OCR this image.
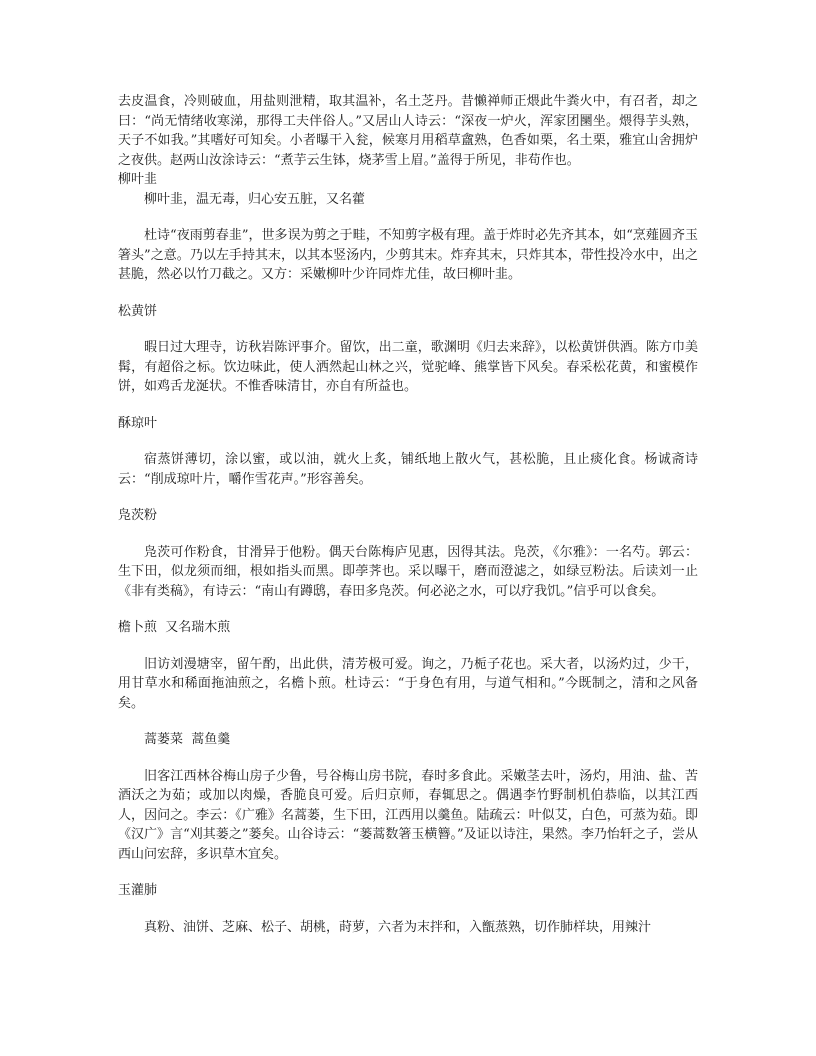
去皮温食，冷则破血，用盐则泄精，取其温补，名土芝丹。昔懒禅师正煨此牛粪火中，有召者，却之曰：“尚无情绪收寒涕，那得工夫伴俗人。”又居山人诗云：“深夜一炉火，浑家团圞坐。煨得芋头熟，天子不如我。”其嗜好可知矣。小者曝干入瓮，候寒月用稻草盦熟，色香如栗，名土栗，雅宜山舍拥炉之夜供。赵两山汝涂诗云：“煮芋云生钵，烧茅雪上眉。”盖得于所见，非苟作也。

柳叶韭

柳叶韭，温无毒，归心安五脏，又名藿

杜诗“夜雨剪春韭”，世多误为剪之于畦，不知剪字极有理。盖于炸时必先齐其本，如“烹薤圆齐玉箸头”之意。乃以左手持其末，以其本竖汤内，少剪其末。炸弃其末，只炸其本，带性投冷水中，出之甚脆，然必以竹刀截之。又方：采嫩柳叶少许同炸尤佳，故曰柳叶韭。

松黄饼

暇日过大理寺，访秋岩陈评事介。留饮，出二童，歌渊明《归去来辞》，以松黄饼供酒。陈方巾美髯，有超俗之标。饮边味此，使人洒然起山林之兴，觉驼峰、熊掌皆下风矣。春采松花黄，和蜜模作饼，如鸡舌龙涎状。不惟香味清甘，亦自有所益也。

酥琼叶

宿蒸饼薄切，涂以蜜，或以油，就火上炙，铺纸地上散火气，甚松脆，且止痰化食。杨诚斋诗云：“削成琼叶片，嚼作雪花声。”形容善矣。

凫茨粉

凫茨可作粉食，甘滑异于他粉。偶天台陈梅庐见惠，因得其法。凫茨，《尔雅》：一名芍。郭云：生下田，似龙须而细，根如指头而黑。即荸荠也。采以曝干，磨而澄滤之，如绿豆粉法。后读刘一止《非有类稿》，有诗云：“南山有蹲鸱，春田多凫茨。何必泌之水，可以疗我饥。”信乎可以食矣。

檐卜煎  又名瑞木煎

旧访刘漫塘宰，留午酌，出此供，清芳极可爱。询之，乃栀子花也。采大者，以汤灼过，少干，用甘草水和稀面拖油煎之，名檐卜煎。杜诗云：“于身色有用，与道气相和。”今既制之，清和之风备矣。

蒿蒌菜  蒿鱼羹

旧客江西林谷梅山房子少鲁，号谷梅山房书院，春时多食此。采嫩茎去叶，汤灼，用油、盐、苦酒沃之为茹；或加以肉燥，香脆良可爱。后归京师，春辄思之。偶遇李竹野制机伯恭临，以其江西人，因问之。李云：《广雅》名蒿蒌，生下田，江西用以羹鱼。陆疏云：叶似艾，白色，可蒸为茹。即《汉广》言“刈其蒌之”蒌矣。山谷诗云：“蒌蒿数箸玉横簪。”及证以诗注，果然。李乃怡轩之子，尝从西山问宏辞，多识草木宜矣。

玉灌肺

真粉、油饼、芝麻、松子、胡桃，莳萝，六者为末拌和，入甑蒸熟，切作肺样块，用辣汁
